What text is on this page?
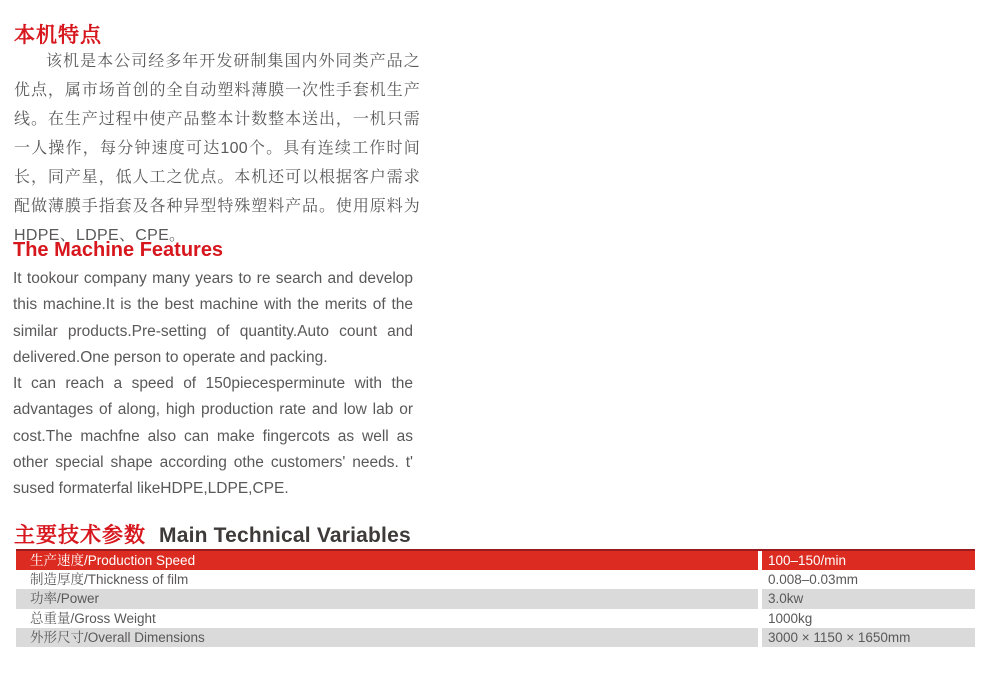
本机特点

该机是本公司经多年开发研制集国内外同类产品之优点，属市场首创的全自动塑料薄膜一次性手套机生产线。在生产过程中使产品整本计数整本送出，一机只需一人操作，每分钟速度可达100个。具有连续工作时间长，同产星，低人工之优点。本机还可以根据客户需求配做薄膜手指套及各种异型特殊塑料产品。使用原料为 HDPE、LDPE、CPE。

The Machine Features

It tookour company many years to re search and develop this machine.It is the best machine with the merits of the similar products.Pre-setting of quantity.Auto count and delivered.One person to operate and packing.

It can reach a speed of 150piecesperminute with the advantages of along, high production rate and low lab or cost.The machfne also can make fingercots as well as other special shape according othe customers' needs. t' sused formaterfal likeHDPE,LDPE,CPE.

主要技术参数 Main Technical Variables
生产速度/Production Speed	100–150/min
制造厚度/Thickness of film	0.008–0.03mm
功率/Power	3.0kw
总重量/Gross Weight	1000kg
外形尺寸/Overall Dimensions	3000 × 1150 × 1650mm
